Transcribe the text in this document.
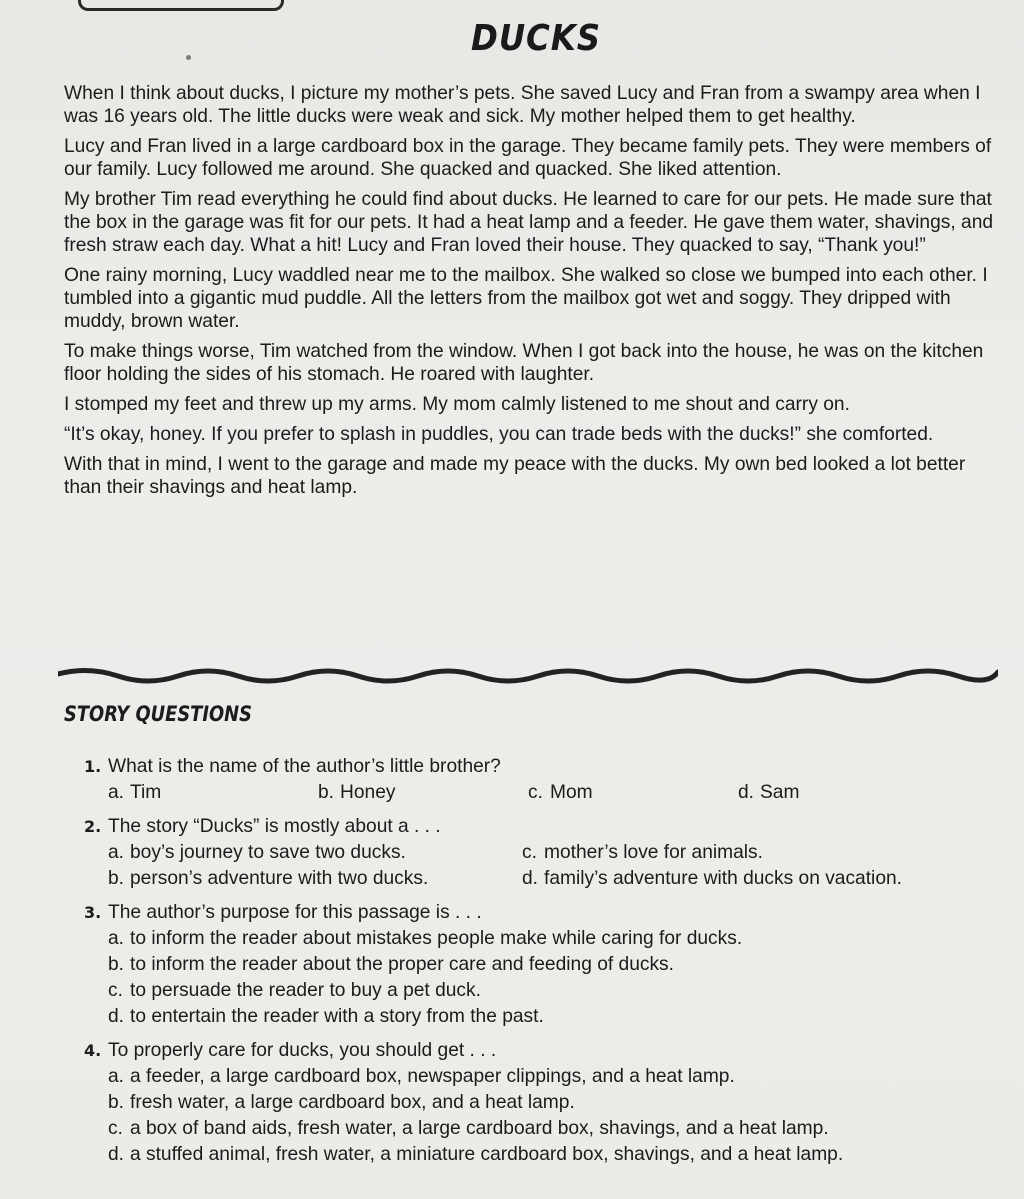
DUCKS

When I think about ducks, I picture my mother’s pets. She saved Lucy and Fran from a swampy area when I was 16 years old. The little ducks were weak and sick. My mother helped them to get healthy.

Lucy and Fran lived in a large cardboard box in the garage. They became family pets. They were members of our family. Lucy followed me around. She quacked and quacked. She liked attention.

My brother Tim read everything he could find about ducks. He learned to care for our pets. He made sure that the box in the garage was fit for our pets. It had a heat lamp and a feeder. He gave them water, shavings, and fresh straw each day. What a hit! Lucy and Fran loved their house. They quacked to say, “Thank you!”

One rainy morning, Lucy waddled near me to the mailbox. She walked so close we bumped into each other. I tumbled into a gigantic mud puddle. All the letters from the mailbox got wet and soggy. They dripped with muddy, brown water.

To make things worse, Tim watched from the window. When I got back into the house, he was on the kitchen floor holding the sides of his stomach. He roared with laughter.

I stomped my feet and threw up my arms. My mom calmly listened to me shout and carry on.

“It’s okay, honey. If you prefer to splash in puddles, you can trade beds with the ducks!” she comforted.

With that in mind, I went to the garage and made my peace with the ducks. My own bed looked a lot better than their shavings and heat lamp.

STORY QUESTIONS
1. What is the name of the author’s little brother?
a. Tim	b. Honey	c. Mom	d. Sam
2. The story “Ducks” is mostly about a . . .
a. boy’s journey to save two ducks.	c. mother’s love for animals.
b. person’s adventure with two ducks.	d. family’s adventure with ducks on vacation.
3. The author’s purpose for this passage is . . .
a. to inform the reader about mistakes people make while caring for ducks.
b. to inform the reader about the proper care and feeding of ducks.
c. to persuade the reader to buy a pet duck.
d. to entertain the reader with a story from the past.
4. To properly care for ducks, you should get . . .
a. a feeder, a large cardboard box, newspaper clippings, and a heat lamp.
b. fresh water, a large cardboard box, and a heat lamp.
c. a box of band aids, fresh water, a large cardboard box, shavings, and a heat lamp.
d. a stuffed animal, fresh water, a miniature cardboard box, shavings, and a heat lamp.
